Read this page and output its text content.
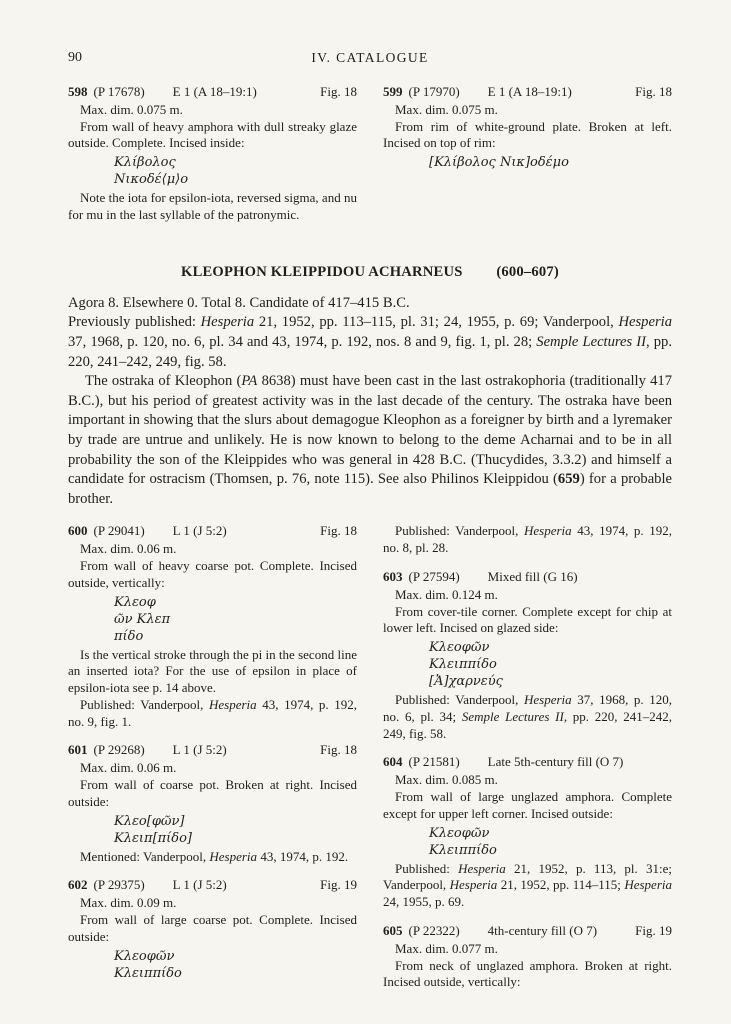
90	IV. CATALOGUE
598 (P 17678) E 1 (A 18–19:1)	Fig. 18

Max. dim. 0.075 m.

From wall of heavy amphora with dull streaky glaze outside. Complete. Incised inside:

Κλίβολος
Νικοδέ⟨μ⟩ο

Note the iota for epsilon-iota, reversed sigma, and nu for mu in the last syllable of the patronymic.

599 (P 17970) E 1 (A 18–19:1)	Fig. 18

Max. dim. 0.075 m.

From rim of white-ground plate. Broken at left. Incised on top of rim:

[Κλίβολος Νικ]οδέμο
KLEOPHON KLEIPPIDOU ACHARNEUS (600–607)

Agora 8. Elsewhere 0. Total 8. Candidate of 417–415 B.C.

Previously published: Hesperia 21, 1952, pp. 113–115, pl. 31; 24, 1955, p. 69; Vanderpool, Hesperia 37, 1968, p. 120, no. 6, pl. 34 and 43, 1974, p. 192, nos. 8 and 9, fig. 1, pl. 28; Semple Lectures II, pp. 220, 241–242, 249, fig. 58.

The ostraka of Kleophon (PA 8638) must have been cast in the last ostrakophoria (traditionally 417 B.C.), but his period of greatest activity was in the last decade of the century. The ostraka have been important in showing that the slurs about demagogue Kleophon as a foreigner by birth and a lyremaker by trade are untrue and unlikely. He is now known to belong to the deme Acharnai and to be in all probability the son of the Kleippides who was general in 428 B.C. (Thucydides, 3.3.2) and himself a candidate for ostracism (Thomsen, p. 76, note 115). See also Philinos Kleippidou (659) for a probable brother.

600 (P 29041) L 1 (J 5:2)	Fig. 18

Max. dim. 0.06 m.

From wall of heavy coarse pot. Complete. Incised outside, vertically:

Κλεοφ
ῶν Κλεπ
πίδο

Is the vertical stroke through the pi in the second line an inserted iota? For the use of epsilon in place of epsilon-iota see p. 14 above.

Published: Vanderpool, Hesperia 43, 1974, p. 192, no. 9, fig. 1.

601 (P 29268) L 1 (J 5:2)	Fig. 18

Max. dim. 0.06 m.

From wall of coarse pot. Broken at right. Incised outside:

Κλεο[φῶν]
Κλειπ[πίδο]

Mentioned: Vanderpool, Hesperia 43, 1974, p. 192.

602 (P 29375) L 1 (J 5:2)	Fig. 19

Max. dim. 0.09 m.

From wall of large coarse pot. Complete. Incised outside:

Κλεοφῶν
Κλειππίδο

Published: Vanderpool, Hesperia 43, 1974, p. 192, no. 8, pl. 28.

603 (P 27594) Mixed fill (G 16)

Max. dim. 0.124 m.

From cover-tile corner. Complete except for chip at lower left. Incised on glazed side:

Κλεοφῶν
Κλειππίδο
[Ἀ]χαρνεύς

Published: Vanderpool, Hesperia 37, 1968, p. 120, no. 6, pl. 34; Semple Lectures II, pp. 220, 241–242, 249, fig. 58.

604 (P 21581) Late 5th-century fill (O 7)

Max. dim. 0.085 m.

From wall of large unglazed amphora. Complete except for upper left corner. Incised outside:

Κλεοφῶν
Κλειππίδο

Published: Hesperia 21, 1952, p. 113, pl. 31:e; Vanderpool, Hesperia 21, 1952, pp. 114–115; Hesperia 24, 1955, p. 69.

605 (P 22322) 4th-century fill (O 7)	Fig. 19

Max. dim. 0.077 m.

From neck of unglazed amphora. Broken at right. Incised outside, vertically:
